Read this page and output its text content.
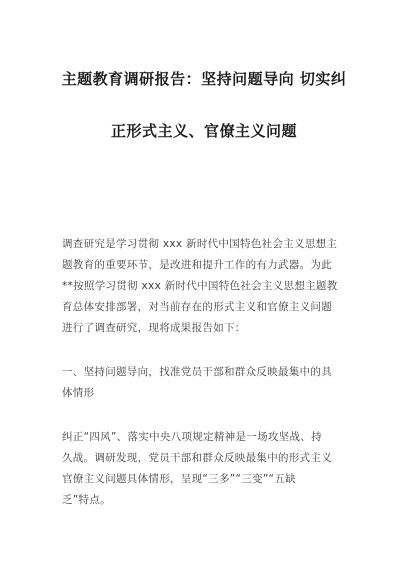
主题教育调研报告：坚持问题导向 切实纠
正形式主义、官僚主义问题
调查研究是学习贯彻 xxx 新时代中国特色社会主义思想主
题教育的重要环节，是改进和提升工作的有力武器。为此
**按照学习贯彻 xxx 新时代中国特色社会主义思想主题教
育总体安排部署，对当前存在的形式主义和官僚主义问题
进行了调查研究，现将成果报告如下：
一、坚持问题导向，找准党员干部和群众反映最集中的具
体情形
纠正“四风”、落实中央八项规定精神是一场攻坚战、持
久战。调研发现，党员干部和群众反映最集中的形式主义
官僚主义问题具体情形，呈现“三多”“三变”“五缺
乏”特点。
